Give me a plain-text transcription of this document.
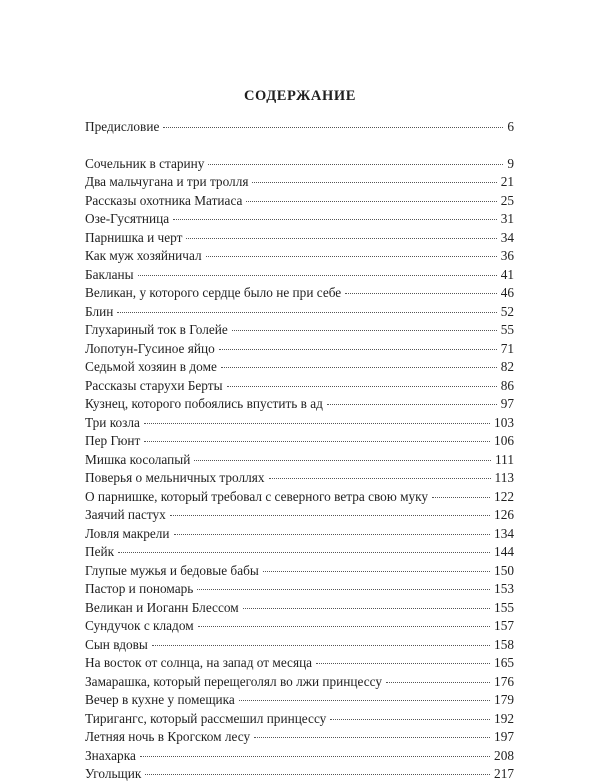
СОДЕРЖАНИЕ
Предисловие	6
Сочельник в старину	9
Два мальчугана и три тролля	21
Рассказы охотника Матиаса	25
Озе-Гусятница	31
Парнишка и черт	34
Как муж хозяйничал	36
Бакланы	41
Великан, у которого сердце было не при себе	46
Блин	52
Глухариный ток в Голейе	55
Лопотун-Гусиное яйцо	71
Седьмой хозяин в доме	82
Рассказы старухи Берты	86
Кузнец, которого побоялись впустить в ад	97
Три козла	103
Пер Гюнт	106
Мишка косолапый	111
Поверья о мельничных троллях	113
О парнишке, который требовал с северного ветра свою муку	122
Заячий пастух	126
Ловля макрели	134
Пейк	144
Глупые мужья и бедовые бабы	150
Пастор и пономарь	153
Великан и Иоганн Блессом	155
Сундучок с кладом	157
Сын вдовы	158
На восток от солнца, на запад от месяца	165
Замарашка, который перещеголял во лжи принцессу	176
Вечер в кухне у помещика	179
Тиригангс, который рассмешил принцессу	192
Летняя ночь в Крогском лесу	197
Знахарка	208
Угольщик	217
